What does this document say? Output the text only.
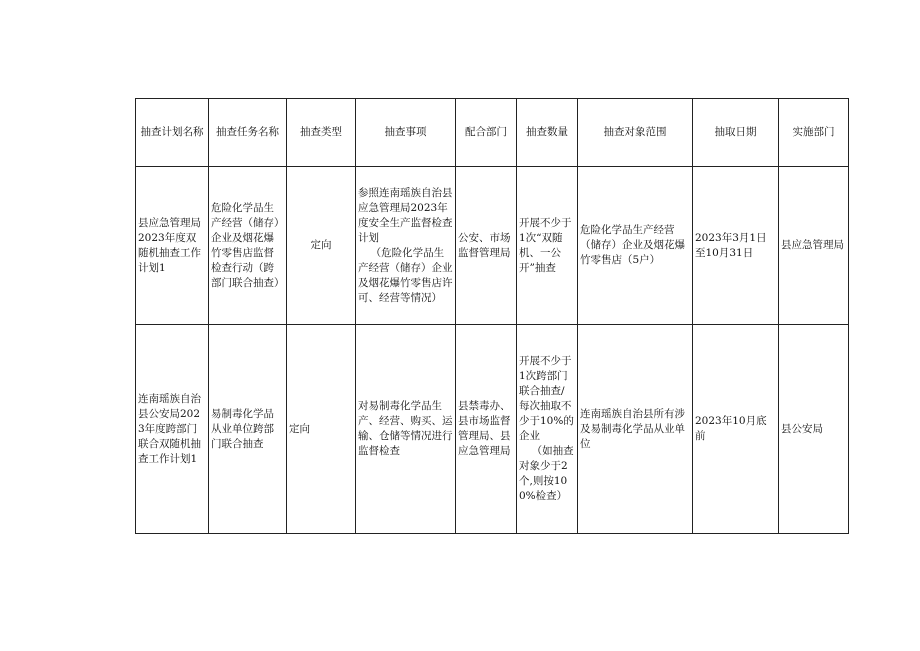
抽查计划名称	抽查任务名称	抽查类型	抽查事项	配合部门	抽查数量	抽查对象范围	抽取日期	实施部门
县应急管理局2023年度双随机抽查工作计划1	危险化学品生产经营（储存）企业及烟花爆竹零售店监督检查行动（跨部门联合抽查）	定向	参照连南瑶族自治县应急管理局2023年度安全生产监督检查计划
（危险化学品生产经营（储存）企业及烟花爆竹零售店许可、经营等情况）	公安、市场监督管理局	开展不少于1次“双随机、一公开”抽查	危险化学品生产经营（储存）企业及烟花爆竹零售店（5户）	2023年3月1日至10月31日	县应急管理局
连南瑶族自治县公安局2023年度跨部门联合双随机抽查工作计划1	易制毒化学品从业单位跨部门联合抽查	定向	对易制毒化学品生产、经营、购买、运输、仓储等情况进行监督检查	县禁毒办、县市场监督管理局、县应急管理局	开展不少于1次跨部门联合抽查/每次抽取不少于10%的企业
（如抽查对象少于2个,则按100%检查）	连南瑶族自治县所有涉及易制毒化学品从业单位	2023年10月底前	县公安局
